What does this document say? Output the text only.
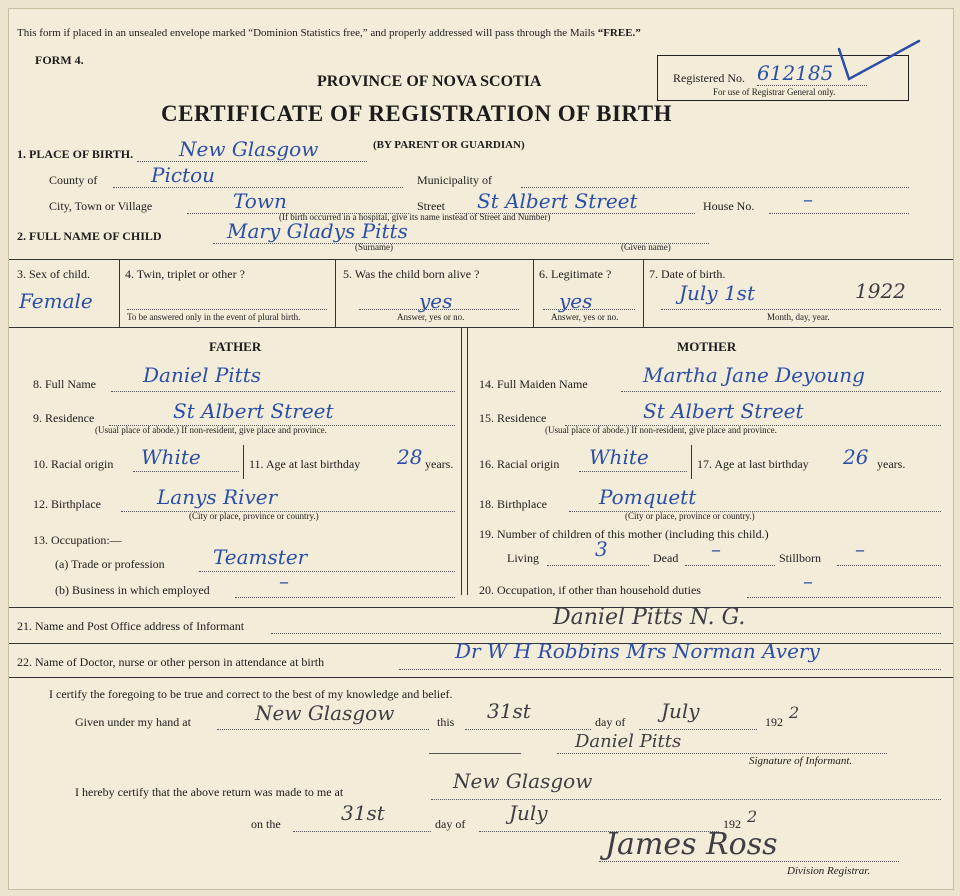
This form if placed in an unsealed envelope marked “Dominion Statistics free,” and properly addressed will pass through the Mails “FREE.”
FORM 4.
Registered No. 612185
For use of Registrar General only.
PROVINCE OF NOVA SCOTIA
CERTIFICATE OF REGISTRATION OF BIRTH
1. PLACE OF BIRTH. New Glasgow	(BY PARENT OR GUARDIAN)
County of	Pictou	Municipality of
City, Town or Village	Town	Street St Albert Street	House No. –
(If birth occurred in a hospital, give its name instead of Street and Number)
2. FULL NAME OF CHILD	Mary Gladys Pitts
(Surname)	(Given name)
3. Sex of child.
Female
4. Twin, triplet or other ?
To be answered only in the event of plural birth.
5. Was the child born alive ?
yes
Answer, yes or no.
6. Legitimate ?
yes
Answer, yes or no.
7. Date of birth.
July 1st	1922
Month, day, year.
FATHER	MOTHER
8. Full Name Daniel Pitts
9. Residence	St Albert Street
(Usual place of abode.) If non-resident, give place and province.
10. Racial origin White	11. Age at last birthday 28 years.
12. Birthplace	Lanys River
(City or place, province or country.)
13. Occupation:—
(a) Trade or profession Teamster
(b) Business in which employed	–
14. Full Maiden Name	Martha Jane Deyoung
15. Residence	St Albert Street
(Usual place of abode.) If non-resident, give place and province.
16. Racial origin White	17. Age at last birthday 26 years.
18. Birthplace	Pomquett
(City or place, province or country.)
19. Number of children of this mother (including this child.)
Living	3	Dead –	Stillborn –
20. Occupation, if other than household duties	–
21. Name and Post Office address of Informant	Daniel Pitts N. G.
22. Name of Doctor, nurse or other person in attendance at birth	Dr W H Robbins Mrs Norman Avery
I certify the foregoing to be true and correct to the best of my knowledge and belief.
Given under my hand at	New Glasgow	this 31st	day of July	192 2
Daniel Pitts
Signature of Informant.
I hereby certify that the above return was made to me at	New Glasgow
on the	31st	day of July	192 2
James Ross
Division Registrar.
